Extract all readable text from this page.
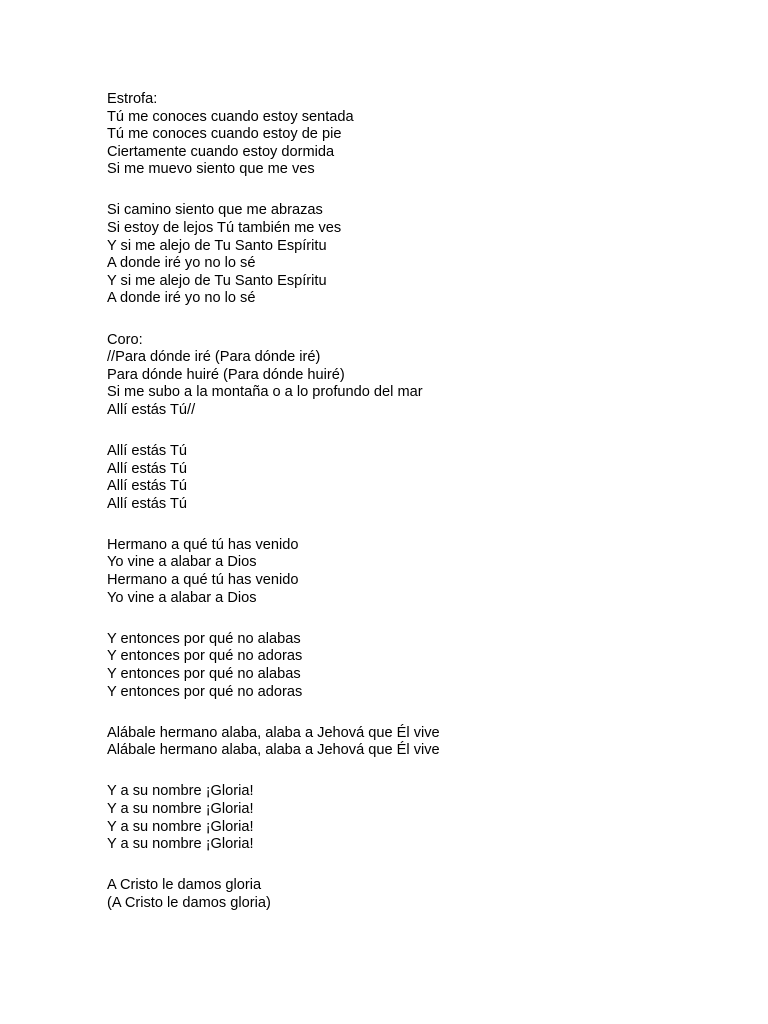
Estrofa:
Tú me conoces cuando estoy sentada
Tú me conoces cuando estoy de pie
Ciertamente cuando estoy dormida
Si me muevo siento que me ves
Si camino siento que me abrazas
Si estoy de lejos Tú también me ves
Y si me alejo de Tu Santo Espíritu
A donde iré yo no lo sé
Y si me alejo de Tu Santo Espíritu
A donde iré yo no lo sé
Coro:
//Para dónde iré (Para dónde iré)
Para dónde huiré (Para dónde huiré)
Si me subo a la montaña o a lo profundo del mar
Allí estás Tú//
Allí estás Tú
Allí estás Tú
Allí estás Tú
Allí estás Tú
Hermano a qué tú has venido
Yo vine a alabar a Dios
Hermano a qué tú has venido
Yo vine a alabar a Dios
Y entonces por qué no alabas
Y entonces por qué no adoras
Y entonces por qué no alabas
Y entonces por qué no adoras
Alábale hermano alaba, alaba a Jehová que Él vive
Alábale hermano alaba, alaba a Jehová que Él vive
Y a su nombre ¡Gloria!
Y a su nombre ¡Gloria!
Y a su nombre ¡Gloria!
Y a su nombre ¡Gloria!
A Cristo le damos gloria
(A Cristo le damos gloria)
